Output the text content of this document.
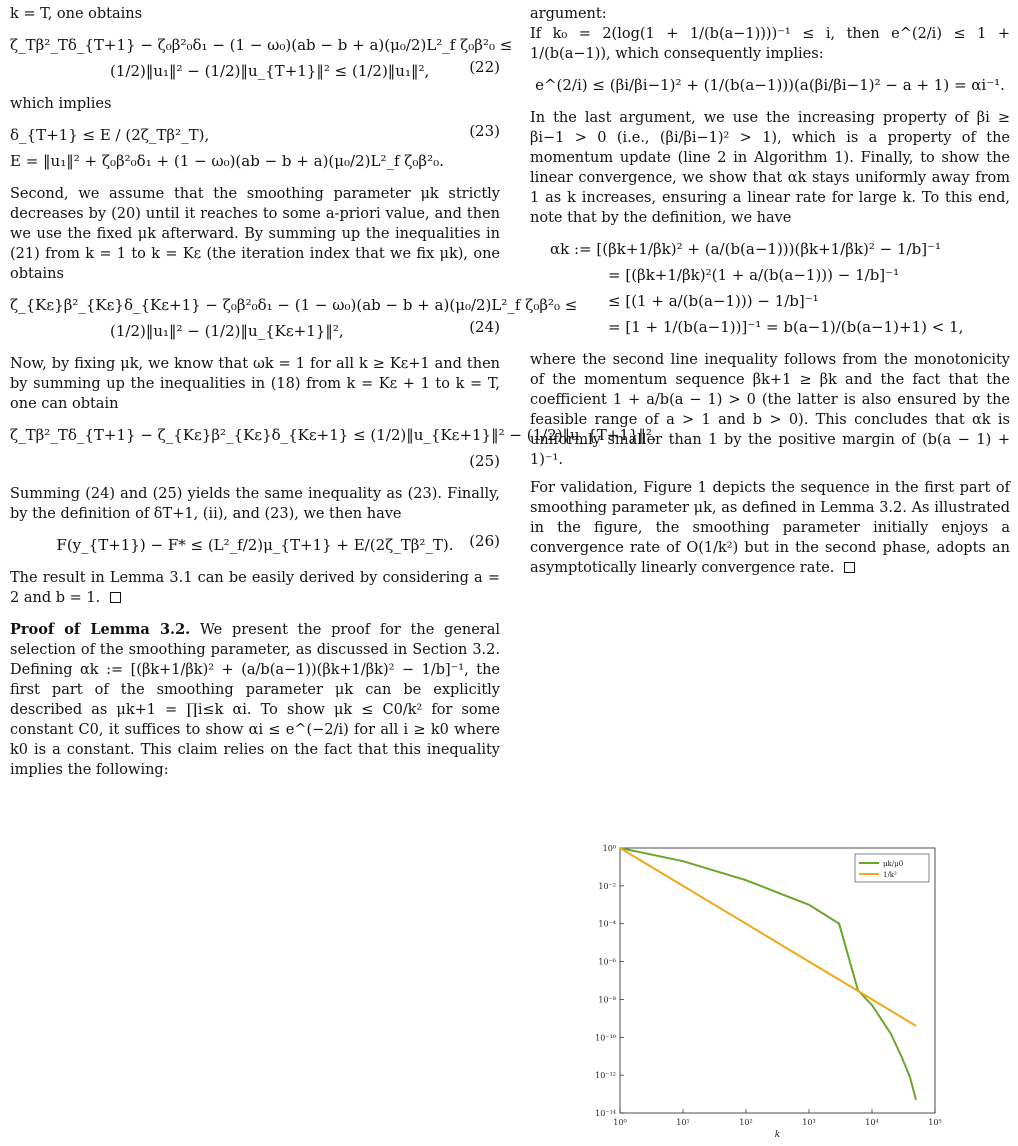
k = T, one obtains

ζ_Tβ²_Tδ_{T+1} − ζ₀β²₀δ₁ − (1 − ω₀)(ab − b + a)(μ₀/2)L²_f ζ₀β²₀ ≤
(1/2)‖u₁‖² − (1/2)‖u_{T+1}‖² ≤ (1/2)‖u₁‖²,	(22)

which implies

δ_{T+1} ≤ E / (2ζ_Tβ²_T),	(23)
E = ‖u₁‖² + ζ₀β²₀δ₁ + (1 − ω₀)(ab − b + a)(μ₀/2)L²_f ζ₀β²₀.

Second, we assume that the smoothing parameter μk strictly decreases by (20) until it reaches to some a-priori value, and then we use the fixed μk afterward. By summing up the inequalities in (21) from k = 1 to k = Kε (the iteration index that we fix μk), one obtains

ζ_{Kε}β²_{Kε}δ_{Kε+1} − ζ₀β²₀δ₁ − (1 − ω₀)(ab − b + a)(μ₀/2)L²_f ζ₀β²₀ ≤
(1/2)‖u₁‖² − (1/2)‖u_{Kε+1}‖²,	(24)

Now, by fixing μk, we know that ωk = 1 for all k ≥ Kε+1 and then by summing up the inequalities in (18) from k = Kε + 1 to k = T, one can obtain

ζ_Tβ²_Tδ_{T+1} − ζ_{Kε}β²_{Kε}δ_{Kε+1} ≤ (1/2)‖u_{Kε+1}‖² − (1/2)‖u_{T+1}‖²,
(25)

Summing (24) and (25) yields the same inequality as (23). Finally, by the definition of δT+1, (ii), and (23), we then have

F(y_{T+1}) − F* ≤ (L²_f/2)μ_{T+1} + E/(2ζ_Tβ²_T).	(26)

The result in Lemma 3.1 can be easily derived by considering a = 2 and b = 1.

Proof of Lemma 3.2. We present the proof for the general selection of the smoothing parameter, as discussed in Section 3.2. Defining αk := [(βk+1/βk)² + (a/b(a−1))(βk+1/βk)² − 1/b]⁻¹, the first part of the smoothing parameter μk can be explicitly described as μk+1 = ∏i≤k αi. To show μk ≤ C0/k² for some constant C0, it suffices to show αi ≤ e^(−2/i) for all i ≥ k0 where k0 is a constant. This claim relies on the fact that this inequality implies the following:

argument:

If k₀ = 2(log(1 + 1/(b(a−1))))⁻¹ ≤ i, then e^(2/i) ≤ 1 + 1/(b(a−1)), which consequently implies:

e^(2/i) ≤ (βi/βi−1)² + (1/(b(a−1)))(a(βi/βi−1)² − a + 1) = αi⁻¹.

In the last argument, we use the increasing property of βi ≥ βi−1 > 0 (i.e., (βi/βi−1)² > 1), which is a property of the momentum update (line 2 in Algorithm 1). Finally, to show the linear convergence, we show that αk stays uniformly away from 1 as k increases, ensuring a linear rate for large k. To this end, note that by the definition, we have

αk := [(βk+1/βk)² + (a/(b(a−1)))(βk+1/βk)² − 1/b]⁻¹
= [(βk+1/βk)²(1 + a/(b(a−1))) − 1/b]⁻¹
≤ [(1 + a/(b(a−1))) − 1/b]⁻¹
= [1 + 1/(b(a−1))]⁻¹ = b(a−1)/(b(a−1)+1) < 1,

where the second line inequality follows from the monotonicity of the momentum sequence βk+1 ≥ βk and the fact that the coefficient 1 + a/b(a − 1) > 0 (the latter is also ensured by the feasible range of a > 1 and b > 0). This concludes that αk is uniformly smaller than 1 by the positive margin of (b(a − 1) + 1)⁻¹.

For validation, Figure 1 depicts the sequence in the first part of smoothing parameter μk, as defined in Lemma 3.2. As illustrated in the figure, the smoothing parameter initially enjoys a convergence rate of O(1/k²) but in the second phase, adopts an asymptotically linearly convergence rate.

10⁰	10¹	10²	10³	10⁴	10⁵
10⁰
10⁻²
10⁻⁴
10⁻⁶
10⁻⁸
10⁻¹⁰
10⁻¹²
10⁻¹⁴
k
μk/μ0
1/k²
